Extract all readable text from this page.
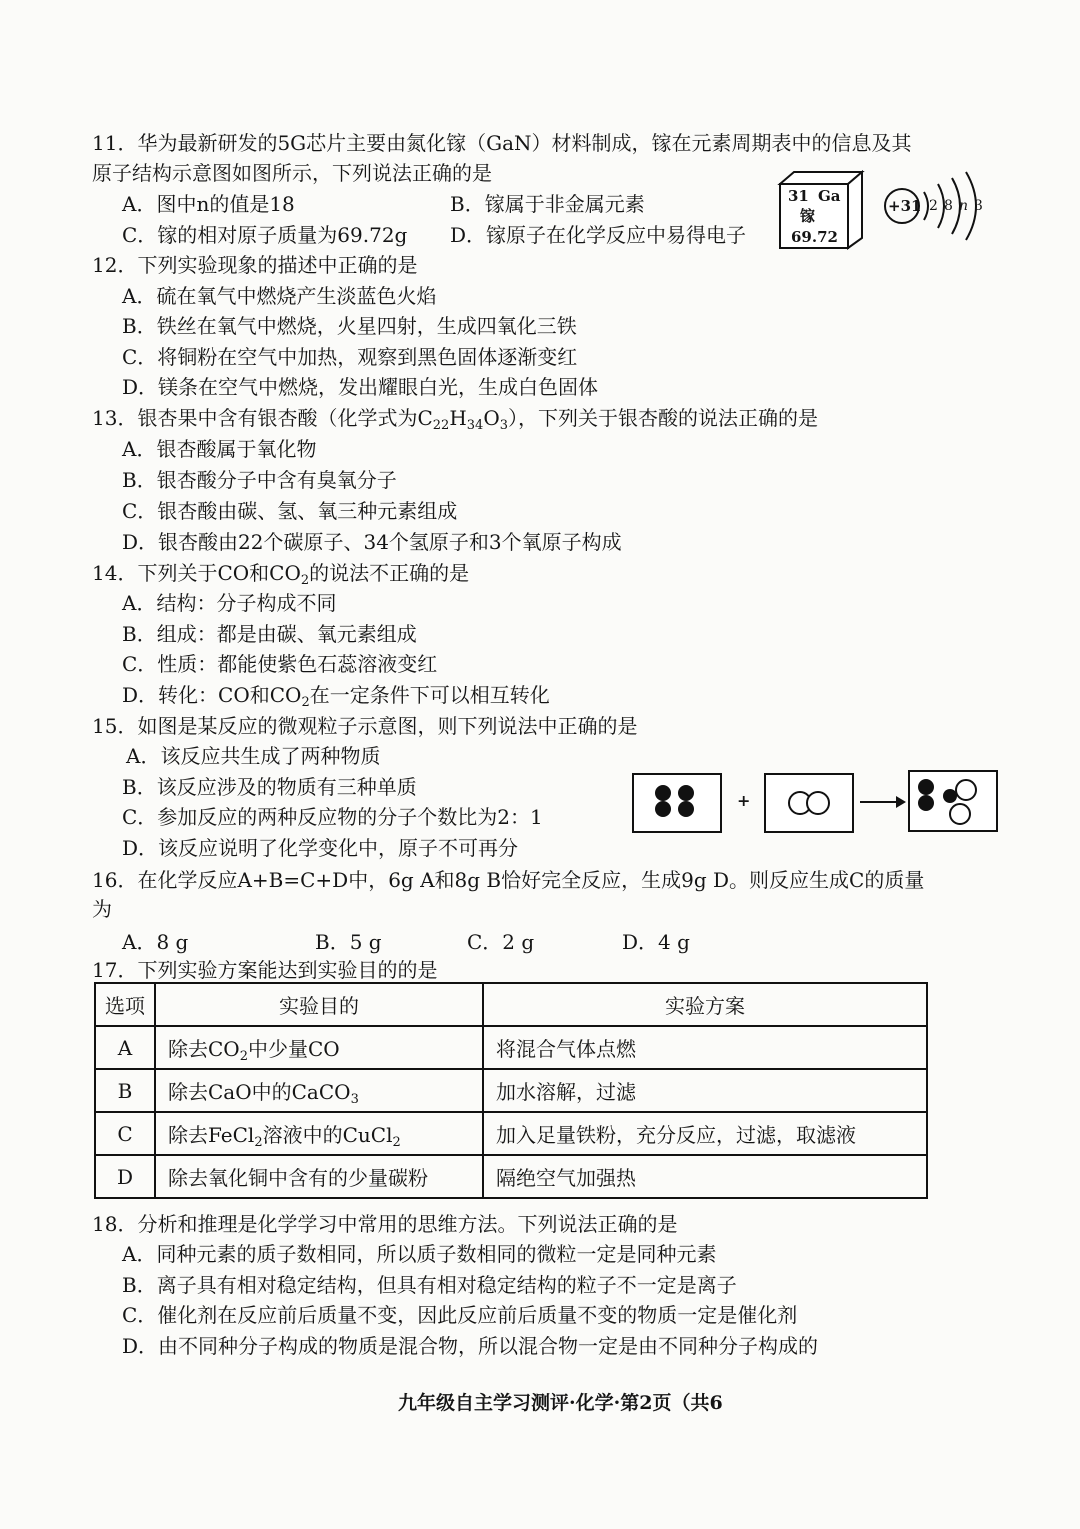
11．华为最新研发的5G芯片主要由氮化镓（GaN）材料制成，镓在元素周期表中的信息及其
原子结构示意图如图所示，下列说法正确的是
A．图中n的值是18	B．镓属于非金属元素
C．镓的相对原子质量为69.72g D．镓原子在化学反应中易得电子
31 Ga
镓
69.72
+31 2 8 n 3
12．下列实验现象的描述中正确的是
A．硫在氧气中燃烧产生淡蓝色火焰
B．铁丝在氧气中燃烧，火星四射，生成四氧化三铁
C．将铜粉在空气中加热，观察到黑色固体逐渐变红
D．镁条在空气中燃烧，发出耀眼白光，生成白色固体
13．银杏果中含有银杏酸（化学式为$C_{22}H_{34}O_3$），下列关于银杏酸的说法正确的是
A．银杏酸属于氧化物
B．银杏酸分子中含有臭氧分子
C．银杏酸由碳、氢、氧三种元素组成
D．银杏酸由22个碳原子、34个氢原子和3个氧原子构成
14．下列关于CO和$CO_2$的说法不正确的是
A．结构：分子构成不同
B．组成：都是由碳、氧元素组成
C．性质：都能使紫色石蕊溶液变红
D．转化：CO和$CO_2$在一定条件下可以相互转化
15．如图是某反应的微观粒子示意图，则下列说法中正确的是
A．该反应共生成了两种物质
B．该反应涉及的物质有三种单质
C．参加反应的两种反应物的分子个数比为2：1
D．该反应说明了化学变化中，原子不可再分
+
16．在化学反应A+B=C+D中，6g A和8g B恰好完全反应，生成9g D。则反应生成C的质量
为
A．8 g	B．5 g	C．2 g	D．4 g
17．下列实验方案能达到实验目的的是
选项	实验目的	实验方案
A	除去$CO_2$中少量CO	将混合气体点燃
B	除去CaO中的CaCO$_3$	加水溶解，过滤
C	除去FeCl$_2$溶液中的CuCl$_2$	加入足量铁粉，充分反应，过滤，取滤液
D	除去氧化铜中含有的少量碳粉	隔绝空气加强热
18．分析和推理是化学学习中常用的思维方法。下列说法正确的是
A．同种元素的质子数相同，所以质子数相同的微粒一定是同种元素
B．离子具有相对稳定结构，但具有相对稳定结构的粒子不一定是离子
C．催化剂在反应前后质量不变，因此反应前后质量不变的物质一定是催化剂
D．由不同种分子构成的物质是混合物，所以混合物一定是由不同种分子构成的
九年级自主学习测评·化学·第2页（共6
